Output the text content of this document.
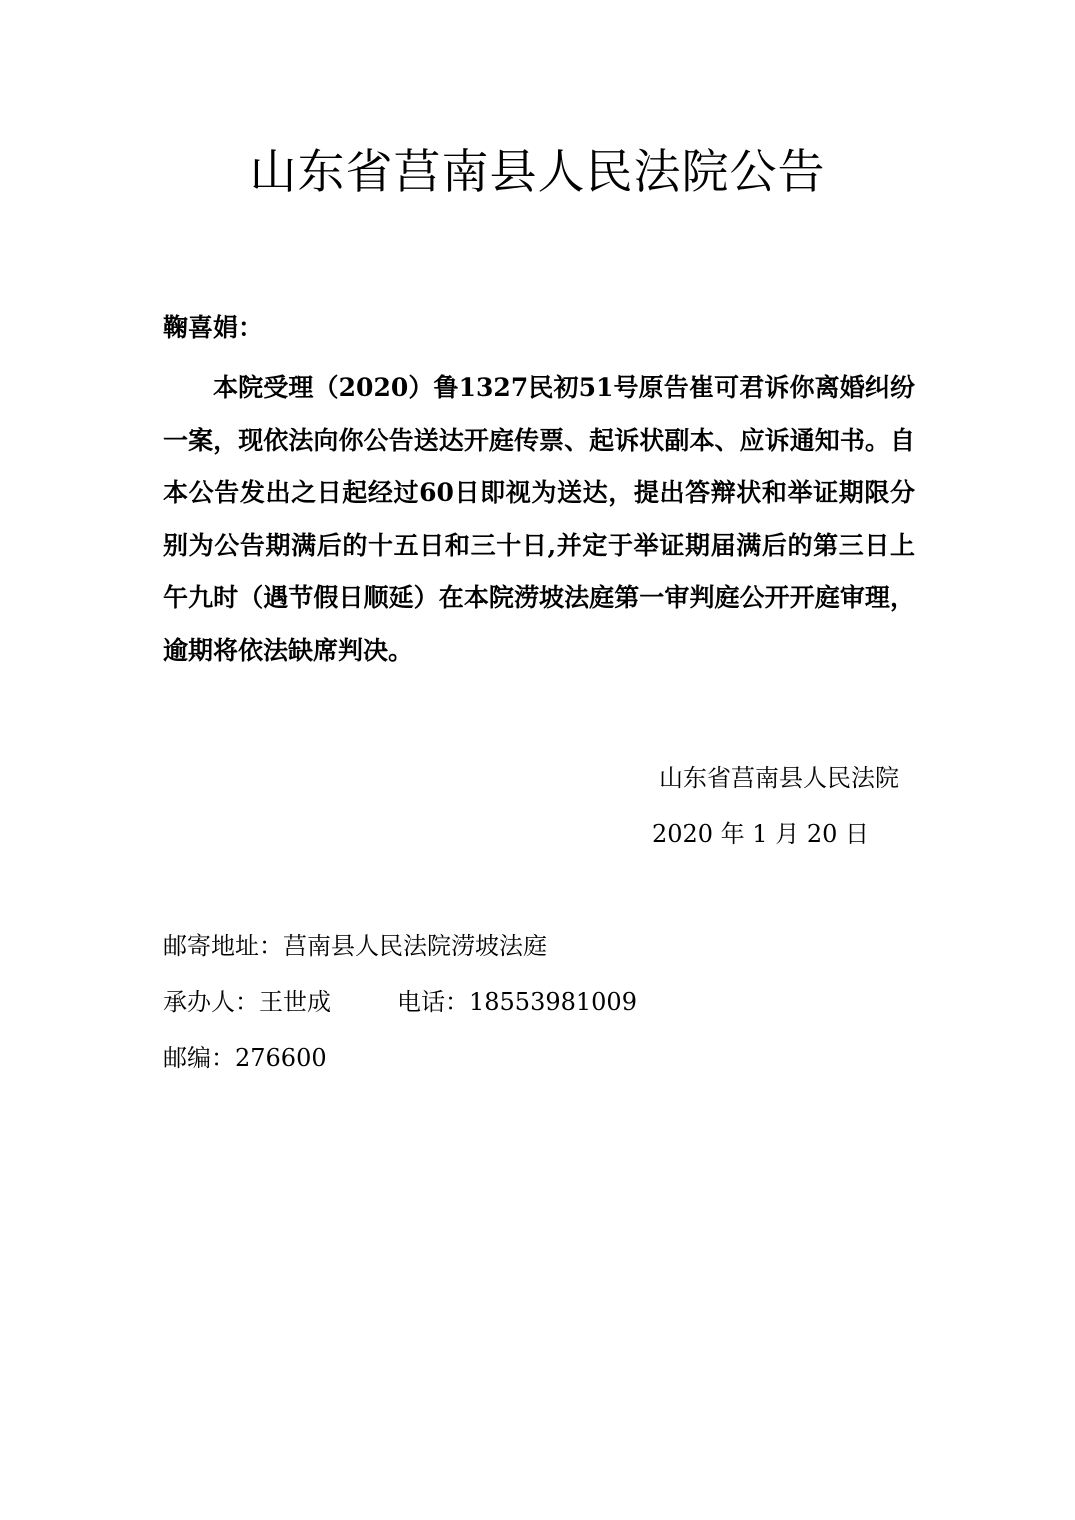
山东省莒南县人民法院公告
鞠喜娟：

本院受理（2020）鲁1327民初51号原告崔可君诉你离婚纠纷一案，现依法向你公告送达开庭传票、起诉状副本、应诉通知书。自本公告发出之日起经过60日即视为送达，提出答辩状和举证期限分别为公告期满后的十五日和三十日,并定于举证期届满后的第三日上午九时（遇节假日顺延）在本院涝坡法庭第一审判庭公开开庭审理，逾期将依法缺席判决。

山东省莒南县人民法院
2020 年 1 月 20 日
邮寄地址：莒南县人民法院涝坡法庭
承办人：王世成	电话：18553981009
邮编：276600
